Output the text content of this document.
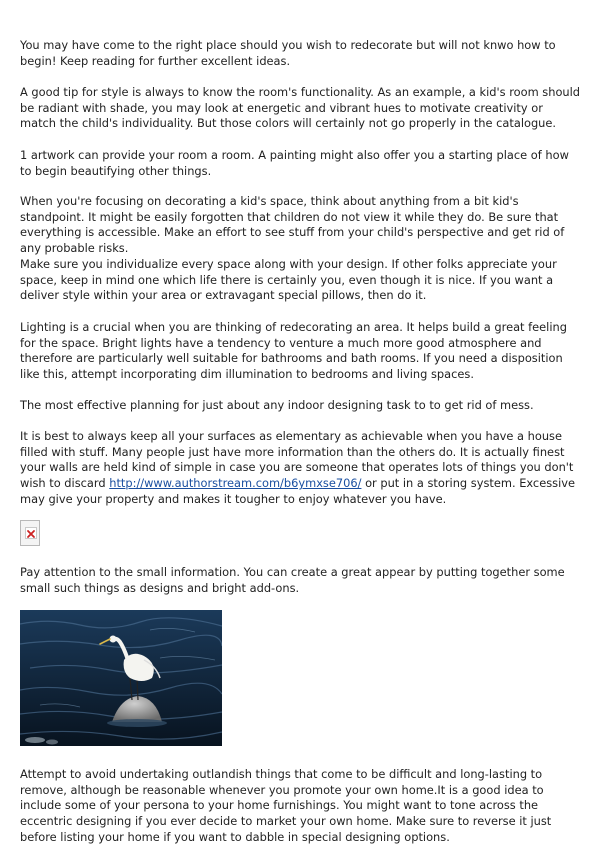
You may have come to the right place should you wish to redecorate but will not knwo how to begin! Keep reading for further excellent ideas.

A good tip for style is always to know the room's functionality. As an example, a kid's room should be radiant with shade, you may look at energetic and vibrant hues to motivate creativity or match the child's individuality. But those colors will certainly not go properly in the catalogue.

1 artwork can provide your room a room. A painting might also offer you a starting place of how to begin beautifying other things.

When you're focusing on decorating a kid's space, think about anything from a bit kid's standpoint. It might be easily forgotten that children do not view it while they do. Be sure that everything is accessible. Make an effort to see stuff from your child's perspective and get rid of any probable risks.

Make sure you individualize every space along with your design. If other folks appreciate your space, keep in mind one which life there is certainly you, even though it is nice. If you want a deliver style within your area or extravagant special pillows, then do it.

Lighting is a crucial when you are thinking of redecorating an area. It helps build a great feeling for the space. Bright lights have a tendency to venture a much more good atmosphere and therefore are particularly well suitable for bathrooms and bath rooms. If you need a disposition like this, attempt incorporating dim illumination to bedrooms and living spaces.

The most effective planning for just about any indoor designing task to to get rid of mess.

It is best to always keep all your surfaces as elementary as achievable when you have a house filled with stuff. Many people just have more information than the others do. It is actually finest your walls are held kind of simple in case you are someone that operates lots of things you don't wish to discard http://www.authorstream.com/b6ymxse706/ or put in a storing system. Excessive may give your property and makes it tougher to enjoy whatever you have.

Pay attention to the small information. You can create a great appear by putting together some small such things as designs and bright add-ons.

Attempt to avoid undertaking outlandish things that come to be difficult and long-lasting to remove, although be reasonable whenever you promote your own home.It is a good idea to include some of your persona to your home furnishings. You might want to tone across the eccentric designing if you ever decide to market your own home. Make sure to reverse it just before listing your home if you want to dabble in special designing options.
